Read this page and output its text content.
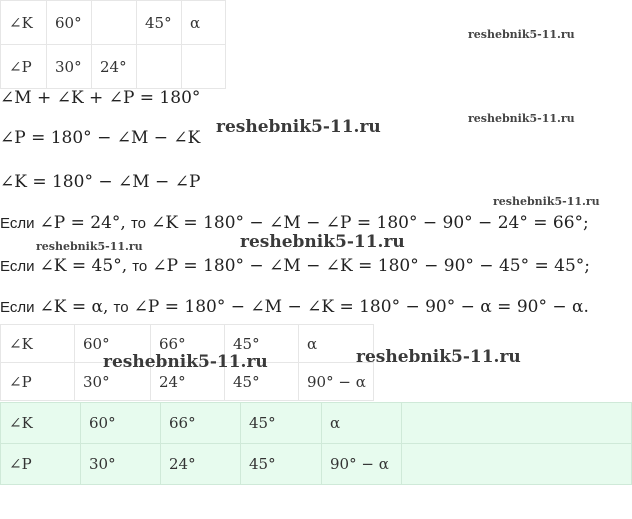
∠K	60°		45°	α
∠P	30°	24°		
∠M + ∠K + ∠P = 180°
∠P = 180° − ∠M − ∠K
∠K = 180° − ∠M − ∠P
Если ∠P = 24°, то ∠K = 180° − ∠M − ∠P = 180° − 90° − 24° = 66°;
Если ∠K = 45°, то ∠P = 180° − ∠M − ∠K = 180° − 90° − 45° = 45°;
Если ∠K = α, то ∠P = 180° − ∠M − ∠K = 180° − 90° − α = 90° − α.
∠K	60°	66°	45°	α
∠P	30°	24°	45°	90° − α
∠K	60°	66°	45°	α	
∠P	30°	24°	45°	90° − α	
reshebnik5-11.ru
reshebnik5-11.ru
reshebnik5-11.ru
reshebnik5-11.ru
reshebnik5-11.ru	reshebnik5-11.ru
reshebnik5-11.ru	reshebnik5-11.ru
